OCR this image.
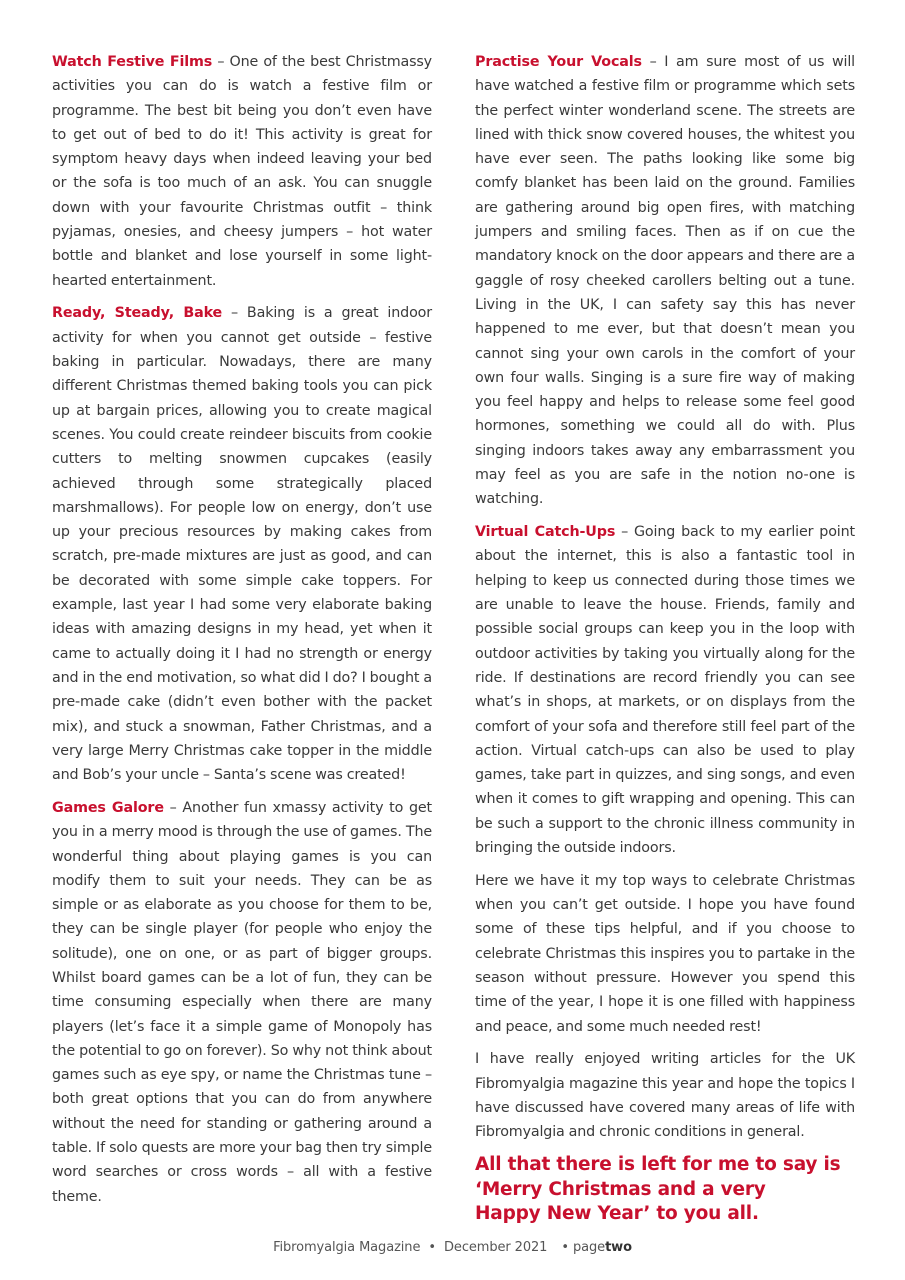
Watch Festive Films – One of the best Christmassy activities you can do is watch a festive film or programme. The best bit being you don’t even have to get out of bed to do it! This activity is great for symptom heavy days when indeed leaving your bed or the sofa is too much of an ask. You can snuggle down with your favourite Christmas outfit – think pyjamas, onesies, and cheesy jumpers – hot water bottle and blanket and lose yourself in some light-hearted entertainment.

Ready, Steady, Bake – Baking is a great indoor activity for when you cannot get outside – festive baking in particular. Nowadays, there are many different Christmas themed baking tools you can pick up at bargain prices, allowing you to create magical scenes. You could create reindeer biscuits from cookie cutters to melting snowmen cupcakes (easily achieved through some strategically placed marshmallows). For people low on energy, don’t use up your precious resources by making cakes from scratch, pre-made mixtures are just as good, and can be decorated with some simple cake toppers. For example, last year I had some very elaborate baking ideas with amazing designs in my head, yet when it came to actually doing it I had no strength or energy and in the end motivation, so what did I do? I bought a pre-made cake (didn’t even bother with the packet mix), and stuck a snowman, Father Christmas, and a very large Merry Christmas cake topper in the middle and Bob’s your uncle – Santa’s scene was created!

Games Galore – Another fun xmassy activity to get you in a merry mood is through the use of games. The wonderful thing about playing games is you can modify them to suit your needs. They can be as simple or as elaborate as you choose for them to be, they can be single player (for people who enjoy the solitude), one on one, or as part of bigger groups. Whilst board games can be a lot of fun, they can be time consuming especially when there are many players (let’s face it a simple game of Monopoly has the potential to go on forever). So why not think about games such as eye spy, or name the Christmas tune – both great options that you can do from anywhere without the need for standing or gathering around a table. If solo quests are more your bag then try simple word searches or cross words – all with a festive theme.

Practise Your Vocals – I am sure most of us will have watched a festive film or programme which sets the perfect winter wonderland scene. The streets are lined with thick snow covered houses, the whitest you have ever seen. The paths looking like some big comfy blanket has been laid on the ground. Families are gathering around big open fires, with matching jumpers and smiling faces. Then as if on cue the mandatory knock on the door appears and there are a gaggle of rosy cheeked carollers belting out a tune. Living in the UK, I can safety say this has never happened to me ever, but that doesn’t mean you cannot sing your own carols in the comfort of your own four walls. Singing is a sure fire way of making you feel happy and helps to release some feel good hormones, something we could all do with. Plus singing indoors takes away any embarrassment you may feel as you are safe in the notion no-one is watching.

Virtual Catch-Ups – Going back to my earlier point about the internet, this is also a fantastic tool in helping to keep us connected during those times we are unable to leave the house. Friends, family and possible social groups can keep you in the loop with outdoor activities by taking you virtually along for the ride. If destinations are record friendly you can see what’s in shops, at markets, or on displays from the comfort of your sofa and therefore still feel part of the action. Virtual catch-ups can also be used to play games, take part in quizzes, and sing songs, and even when it comes to gift wrapping and opening. This can be such a support to the chronic illness community in bringing the outside indoors.

Here we have it my top ways to celebrate Christmas when you can’t get outside. I hope you have found some of these tips helpful, and if you choose to celebrate Christmas this inspires you to partake in the season without pressure. However you spend this time of the year, I hope it is one filled with happiness and peace, and some much needed rest!

I have really enjoyed writing articles for the UK Fibromyalgia magazine this year and hope the topics I have discussed have covered many areas of life with Fibromyalgia and chronic conditions in general.

All that there is left for me to say is
‘Merry Christmas and a very
Happy New Year’ to you all.
Fibromyalgia Magazine • December 2021 • pagetwo
